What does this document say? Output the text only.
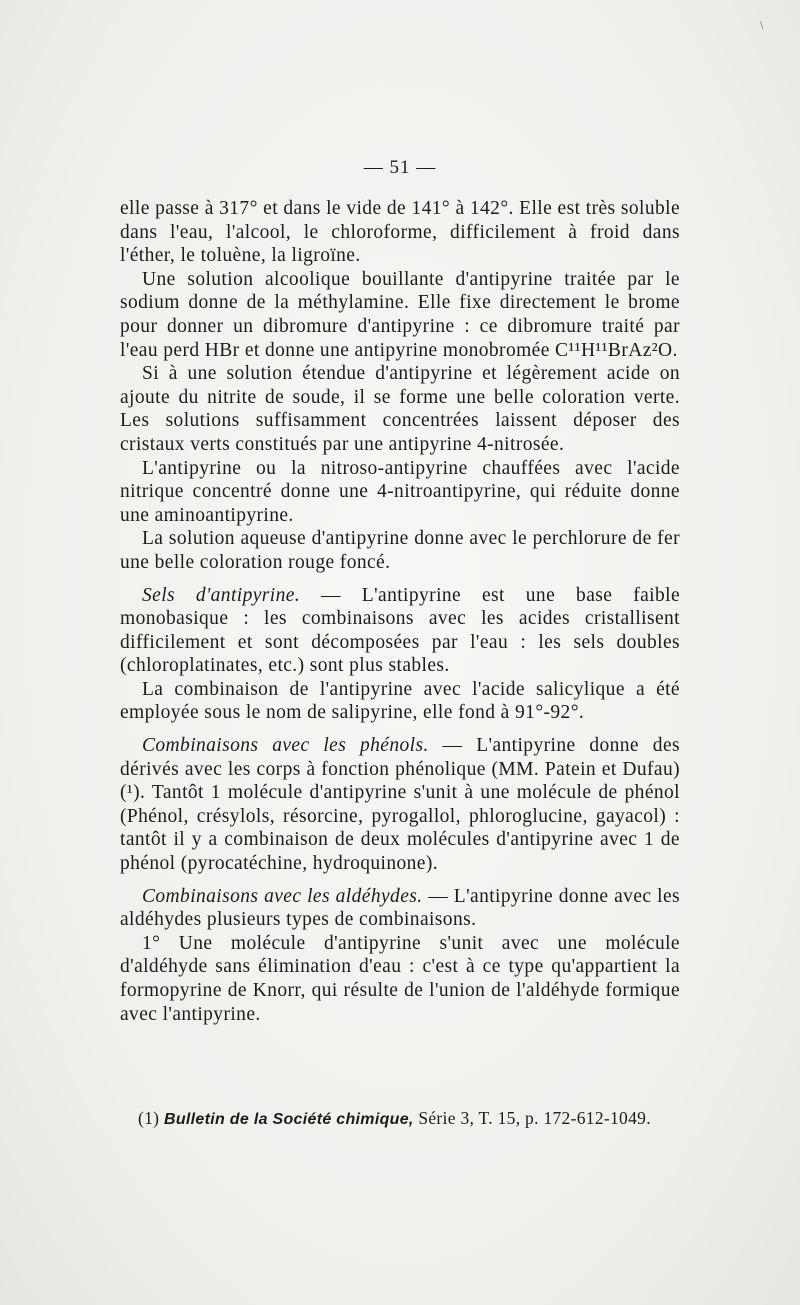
\
— 51 —

elle passe à 317° et dans le vide de 141° à 142°. Elle est très soluble dans l'eau, l'alcool, le chloroforme, difficilement à froid dans l'éther, le toluène, la ligroïne.

Une solution alcoolique bouillante d'antipyrine traitée par le sodium donne de la méthylamine. Elle fixe directement le brome pour donner un dibromure d'antipyrine : ce dibromure traité par l'eau perd HBr et donne une antipyrine monobromée C¹¹H¹¹BrAz²O.

Si à une solution étendue d'antipyrine et légèrement acide on ajoute du nitrite de soude, il se forme une belle coloration verte. Les solutions suffisamment concentrées laissent déposer des cristaux verts constitués par une antipyrine 4-nitrosée.

L'antipyrine ou la nitroso-antipyrine chauffées avec l'acide nitrique concentré donne une 4-nitroantipyrine, qui réduite donne une aminoantipyrine.

La solution aqueuse d'antipyrine donne avec le perchlorure de fer une belle coloration rouge foncé.

Sels d'antipyrine. — L'antipyrine est une base faible monobasique : les combinaisons avec les acides cristallisent difficilement et sont décomposées par l'eau : les sels doubles (chloroplatinates, etc.) sont plus stables.

La combinaison de l'antipyrine avec l'acide salicylique a été employée sous le nom de salipyrine, elle fond à 91°-92°.

Combinaisons avec les phénols. — L'antipyrine donne des dérivés avec les corps à fonction phénolique (MM. Patein et Dufau) (¹). Tantôt 1 molécule d'antipyrine s'unit à une molécule de phénol (Phénol, crésylols, résorcine, pyrogallol, phloroglucine, gayacol) : tantôt il y a combinaison de deux molécules d'antipyrine avec 1 de phénol (pyrocatéchine, hydroquinone).

Combinaisons avec les aldéhydes. — L'antipyrine donne avec les aldéhydes plusieurs types de combinaisons.

1° Une molécule d'antipyrine s'unit avec une molécule d'aldéhyde sans élimination d'eau : c'est à ce type qu'appartient la formopyrine de Knorr, qui résulte de l'union de l'aldéhyde formique avec l'antipyrine.

(1) Bulletin de la Société chimique, Série 3, T. 15, p. 172-612-1049.
